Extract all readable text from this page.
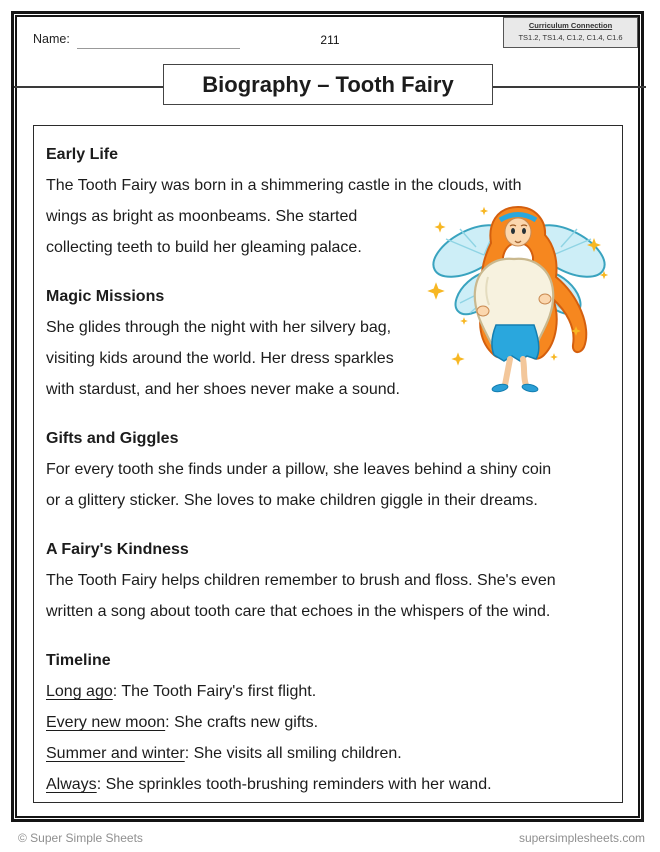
Name:	211
Curriculum Connection
TS1.2, TS1.4, C1.2, C1.4, C1.6
Biography – Tooth Fairy
Early Life
The Tooth Fairy was born in a shimmering castle in the clouds, with
wings as bright as moonbeams. She started
collecting teeth to build her gleaming palace.
Magic Missions
She glides through the night with her silvery bag,
visiting kids around the world. Her dress sparkles
with stardust, and her shoes never make a sound.
Gifts and Giggles
For every tooth she finds under a pillow, she leaves behind a shiny coin
or a glittery sticker. She loves to make children giggle in their dreams.
A Fairy's Kindness
The Tooth Fairy helps children remember to brush and floss. She's even
written a song about tooth care that echoes in the whispers of the wind.
Timeline
Long ago: The Tooth Fairy's first flight.
Every new moon: She crafts new gifts.
Summer and winter: She visits all smiling children.
Always: She sprinkles tooth-brushing reminders with her wand.
© Super Simple Sheets	supersimplesheets.com
